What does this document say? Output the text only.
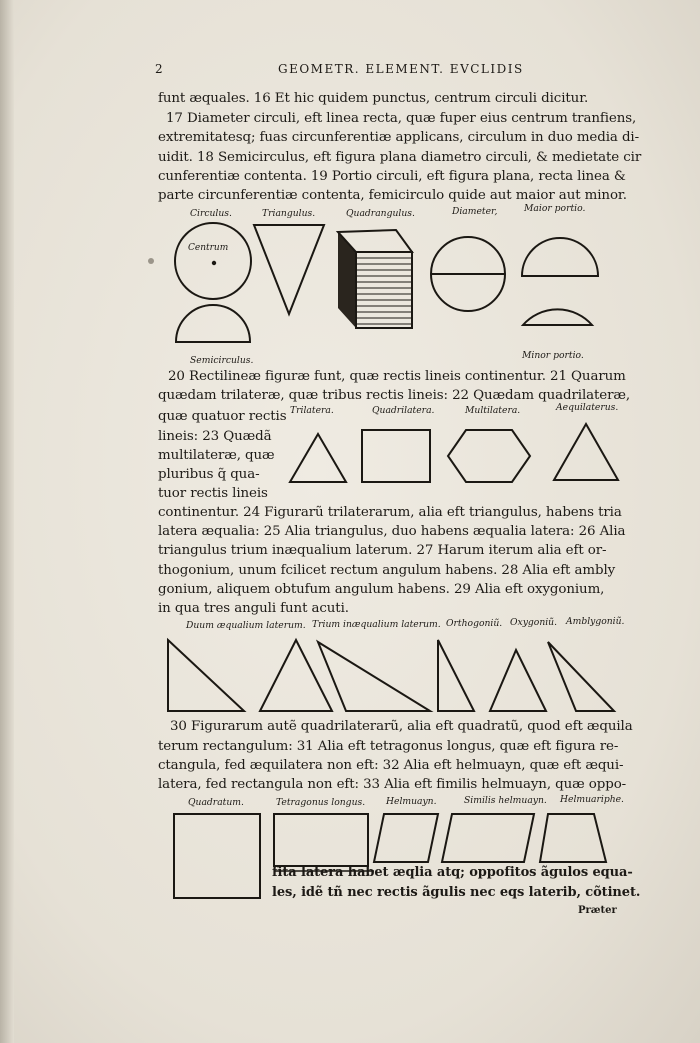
2	GEOMETR. ELEMENT. EVCLIDIS
funt æquales. 16 Et hic quidem punctus, centrum circuli dicitur.
17 Diameter circuli, eft linea recta, quæ fuper eius centrum tranfiens,
extremitatesq; fuas circunferentiæ applicans, circulum in duo media di-
uidit. 18 Semicirculus, eft figura plana diametro circuli, & medietate cir
cunferentiæ contenta. 19 Portio circuli, eft figura plana, recta linea &
parte circunferentiæ contenta, femicirculo quide aut maior aut minor.
Circulus.	Triangulus.	Quadrangulus.	Diameter,	Maior portio.
Centrum
Semicirculus.	Minor portio.
20 Rectilineæ figuræ funt, quæ rectis lineis continentur. 21 Quarum
quædam trilateræ, quæ tribus rectis lineis: 22 Quædam quadrilateræ,
quæ quatuor rectis
lineis: 23 Quædã
multilateræ, quæ
pluribus q̃ qua-
tuor rectis lineis
Trilatera.	Quadrilatera.	Multilatera.	Aequilaterus.
continentur. 24 Figurarũ trilaterarum, alia eft triangulus, habens tria
latera æqualia: 25 Alia triangulus, duo habens æqualia latera: 26 Alia
triangulus trium inæqualium laterum. 27 Harum iterum alia eft or-
thogonium, unum fcilicet rectum angulum habens. 28 Alia eft ambly
gonium, aliquem obtufum angulum habens. 29 Alia eft oxygonium,
in qua tres anguli funt acuti.
Duum æqualium laterum. Trium inæqualium laterum. Orthogoniũ. Oxygoniũ. Amblygoniũ.
30 Figurarum autẽ quadrilaterarũ, alia eft quadratũ, quod eft æquila
terum rectangulum: 31 Alia eft tetragonus longus, quæ eft figura re-
ctangula, fed æquilatera non eft: 32 Alia eft helmuayn, quæ eft æqui-
latera, fed rectangula non eft: 33 Alia eft fimilis helmuayn, quæ oppo-
Quadratum.	Tetragonus longus. Helmuayn.	Similis helmuayn. Helmuariphe.
fita latera habet æqlia atq; oppofitos ãgulos equa-
les, idẽ tñ nec rectis ãgulis nec eqs laterib, cõtinet.
Præter
